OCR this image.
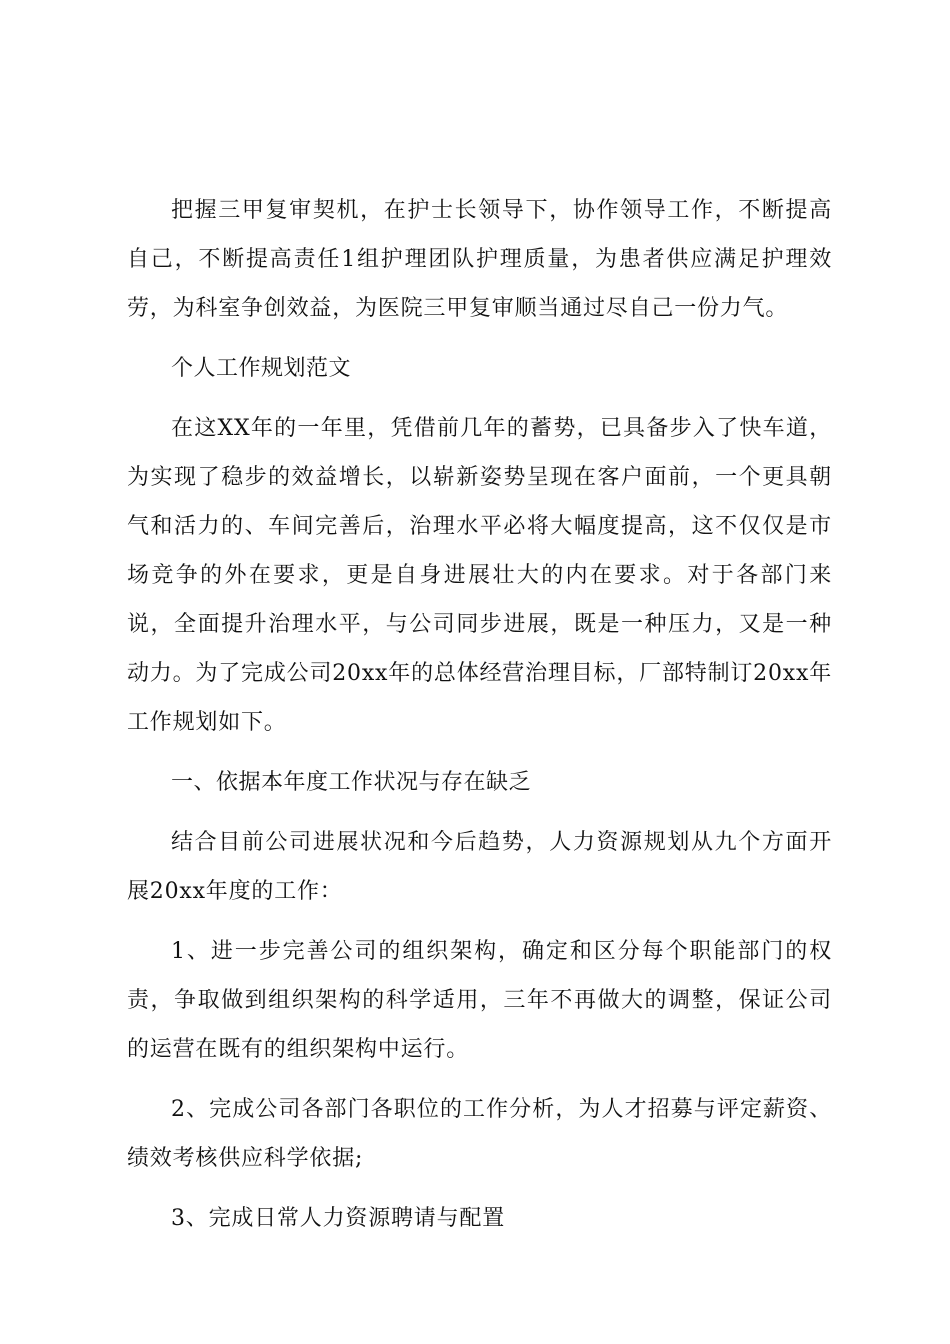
把握三甲复审契机，在护士长领导下，协作领导工作，不断提高自己，不断提高责任1组护理团队护理质量，为患者供应满足护理效劳，为科室争创效益，为医院三甲复审顺当通过尽自己一份力气。

个人工作规划范文

在这XX年的一年里，凭借前几年的蓄势，已具备步入了快车道，为实现了稳步的效益增长，以崭新姿势呈现在客户面前，一个更具朝气和活力的、车间完善后，治理水平必将大幅度提高，这不仅仅是市场竞争的外在要求，更是自身进展壮大的内在要求。对于各部门来说，全面提升治理水平，与公司同步进展，既是一种压力，又是一种动力。为了完成公司20xx年的总体经营治理目标，厂部特制订20xx年工作规划如下。

一、依据本年度工作状况与存在缺乏

结合目前公司进展状况和今后趋势，人力资源规划从九个方面开展20xx年度的工作：

1、进一步完善公司的组织架构，确定和区分每个职能部门的权责，争取做到组织架构的科学适用，三年不再做大的调整，保证公司的运营在既有的组织架构中运行。

2、完成公司各部门各职位的工作分析，为人才招募与评定薪资、绩效考核供应科学依据;

3、完成日常人力资源聘请与配置
